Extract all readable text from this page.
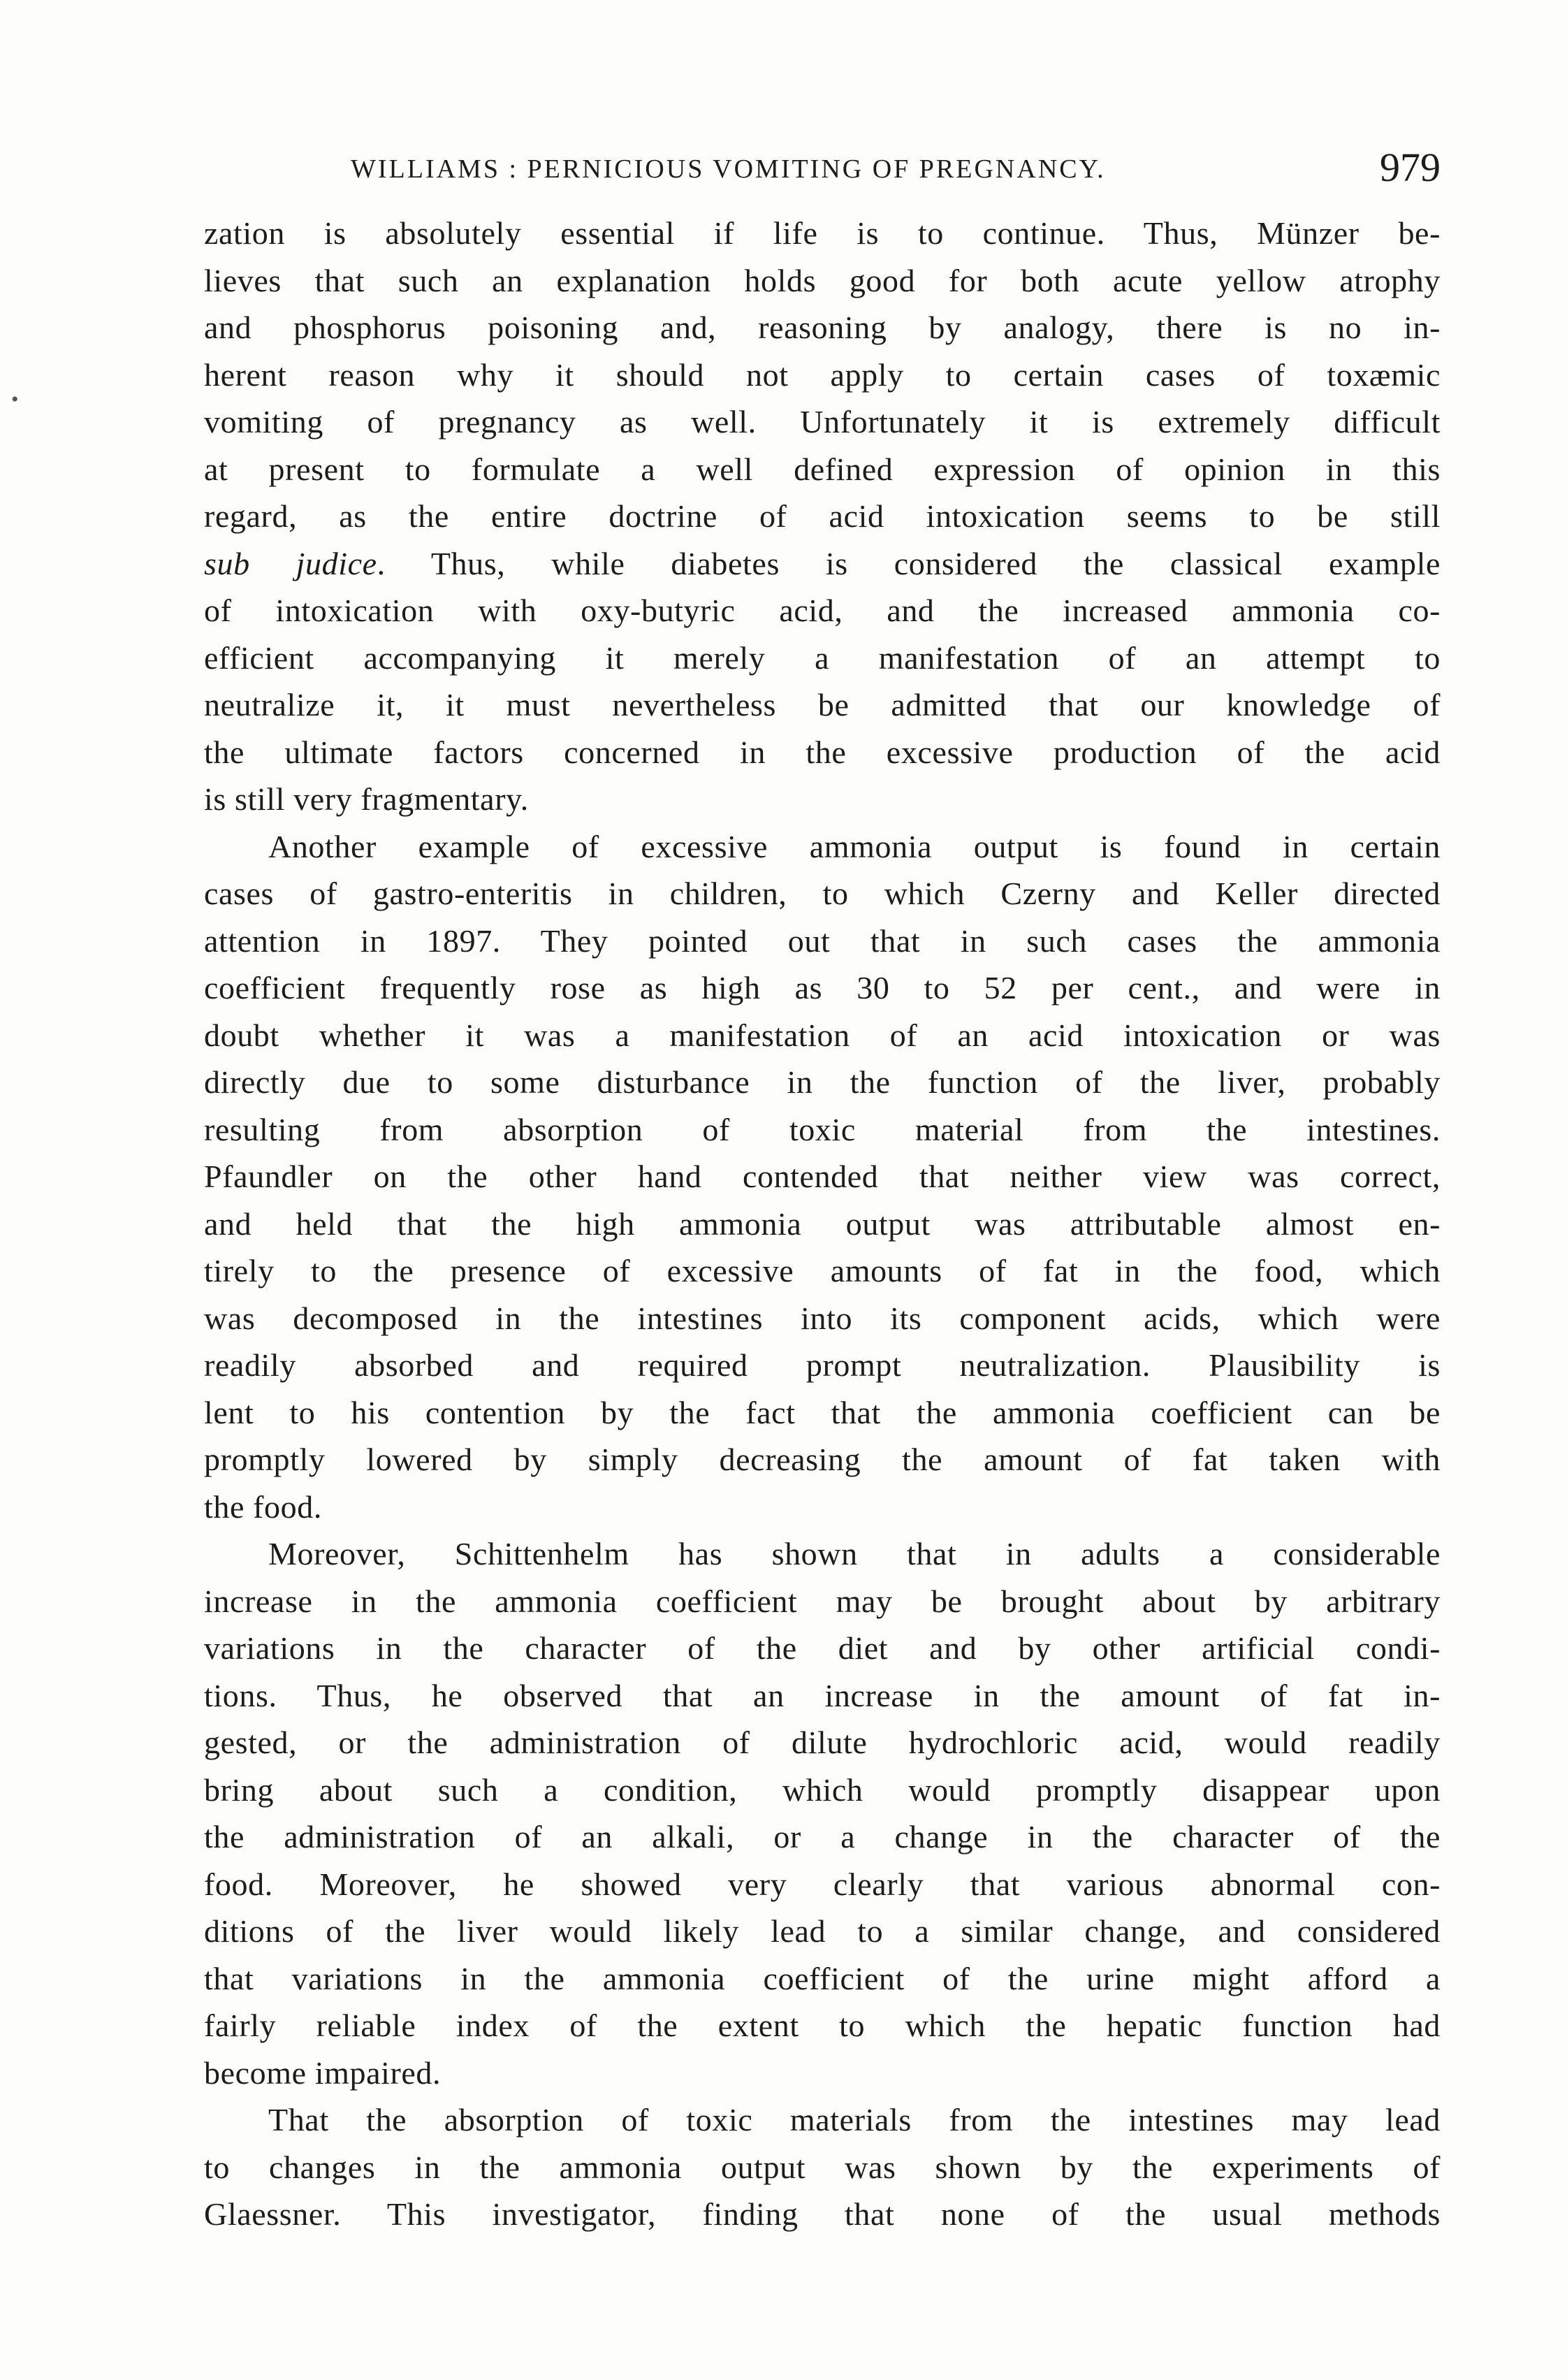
WILLIAMS : PERNICIOUS VOMITING OF PREGNANCY.	979
•
zation is absolutely essential if life is to continue. Thus, Münzer be-
lieves that such an explanation holds good for both acute yellow atrophy
and phosphorus poisoning and, reasoning by analogy, there is no in-
herent reason why it should not apply to certain cases of toxæmic
vomiting of pregnancy as well. Unfortunately it is extremely difficult
at present to formulate a well defined expression of opinion in this
regard, as the entire doctrine of acid intoxication seems to be still
sub judice. Thus, while diabetes is considered the classical example
of intoxication with oxy-butyric acid, and the increased ammonia co-
efficient accompanying it merely a manifestation of an attempt to
neutralize it, it must nevertheless be admitted that our knowledge of
the ultimate factors concerned in the excessive production of the acid
is still very fragmentary.
Another example of excessive ammonia output is found in certain
cases of gastro-enteritis in children, to which Czerny and Keller directed
attention in 1897. They pointed out that in such cases the ammonia
coefficient frequently rose as high as 30 to 52 per cent., and were in
doubt whether it was a manifestation of an acid intoxication or was
directly due to some disturbance in the function of the liver, probably
resulting from absorption of toxic material from the intestines.
Pfaundler on the other hand contended that neither view was correct,
and held that the high ammonia output was attributable almost en-
tirely to the presence of excessive amounts of fat in the food, which
was decomposed in the intestines into its component acids, which were
readily absorbed and required prompt neutralization. Plausibility is
lent to his contention by the fact that the ammonia coefficient can be
promptly lowered by simply decreasing the amount of fat taken with
the food.
Moreover, Schittenhelm has shown that in adults a considerable
increase in the ammonia coefficient may be brought about by arbitrary
variations in the character of the diet and by other artificial condi-
tions. Thus, he observed that an increase in the amount of fat in-
gested, or the administration of dilute hydrochloric acid, would readily
bring about such a condition, which would promptly disappear upon
the administration of an alkali, or a change in the character of the
food. Moreover, he showed very clearly that various abnormal con-
ditions of the liver would likely lead to a similar change, and considered
that variations in the ammonia coefficient of the urine might afford a
fairly reliable index of the extent to which the hepatic function had
become impaired.
That the absorption of toxic materials from the intestines may lead
to changes in the ammonia output was shown by the experiments of
Glaessner. This investigator, finding that none of the usual methods
